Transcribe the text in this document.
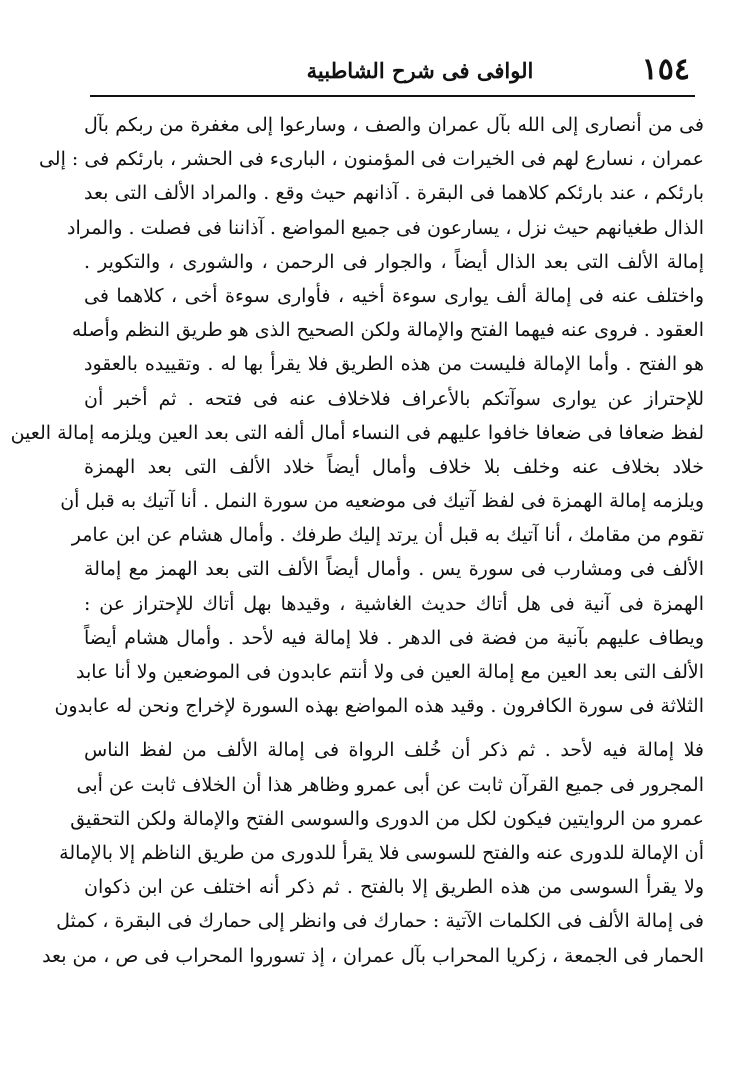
١٥٤
الوافى فى شرح الشاطبية
فى من أنصارى إلى الله بآل عمران والصف ، وسارعوا إلى مغفرة من ربكم بآل
عمران ، نسارع لهم فى الخيرات فى المؤمنون ، البارىء فى الحشر ، بارئكم فى : إلى
بارئكم ، عند بارئكم كلاهما فى البقرة . آذانهم حيث وقع . والمراد الألف التى بعد
الذال طغيانهم حيث نزل ، يسارعون فى جميع المواضع . آذاننا فى فصلت . والمراد
إمالة الألف التى بعد الذال أيضاً ، والجوار فى الرحمن ، والشورى ، والتكوير .
واختلف عنه فى إمالة ألف يوارى سوءة أخيه ، فأوارى سوءة أخى ، كلاهما فى
العقود . فروى عنه فيهما الفتح والإمالة ولكن الصحيح الذى هو طريق النظم وأصله
هو الفتح . وأما الإمالة فليست من هذه الطريق فلا يقرأ بها له . وتقييده بالعقود
للإحتراز عن يوارى سوآتكم بالأعراف فلاخلاف عنه فى فتحه . ثم أخبر أن
لفظ ضعافا فى ضعافا خافوا عليهم فى النساء أمال ألفه التى بعد العين ويلزمه إمالة العين
خلاد بخلاف عنه وخلف بلا خلاف وأمال أيضاً خلاد الألف التى بعد الهمزة
ويلزمه إمالة الهمزة فى لفظ آتيك فى موضعيه من سورة النمل . أنا آتيك به قبل أن
تقوم من مقامك ، أنا آتيك به قبل أن يرتد إليك طرفك . وأمال هشام عن ابن عامر
الألف فى ومشارب فى سورة يس . وأمال أيضاً الألف التى بعد الهمز مع إمالة
الهمزة فى آنية فى هل أتاك حديث الغاشية ، وقيدها بهل أتاك للإحتراز عن :
ويطاف عليهم بآنية من فضة فى الدهر . فلا إمالة فيه لأحد . وأمال هشام أيضاً
الألف التى بعد العين مع إمالة العين فى ولا أنتم عابدون فى الموضعين ولا أنا عابد
الثلاثة فى سورة الكافرون . وقيد هذه المواضع بهذه السورة لإخراج ونحن له عابدون
فلا إمالة فيه لأحد . ثم ذكر أن خُلف الرواة فى إمالة الألف من لفظ الناس
المجرور فى جميع القرآن ثابت عن أبى عمرو وظاهر هذا أن الخلاف ثابت عن أبى
عمرو من الروايتين فيكون لكل من الدورى والسوسى الفتح والإمالة ولكن التحقيق
أن الإمالة للدورى عنه والفتح للسوسى فلا يقرأ للدورى من طريق الناظم إلا بالإمالة
ولا يقرأ السوسى من هذه الطريق إلا بالفتح . ثم ذكر أنه اختلف عن ابن ذكوان
فى إمالة الألف فى الكلمات الآتية : حمارك فى وانظر إلى حمارك فى البقرة ، كمثل
الحمار فى الجمعة ، زكريا المحراب بآل عمران ، إذ تسوروا المحراب فى ص ، من بعد
